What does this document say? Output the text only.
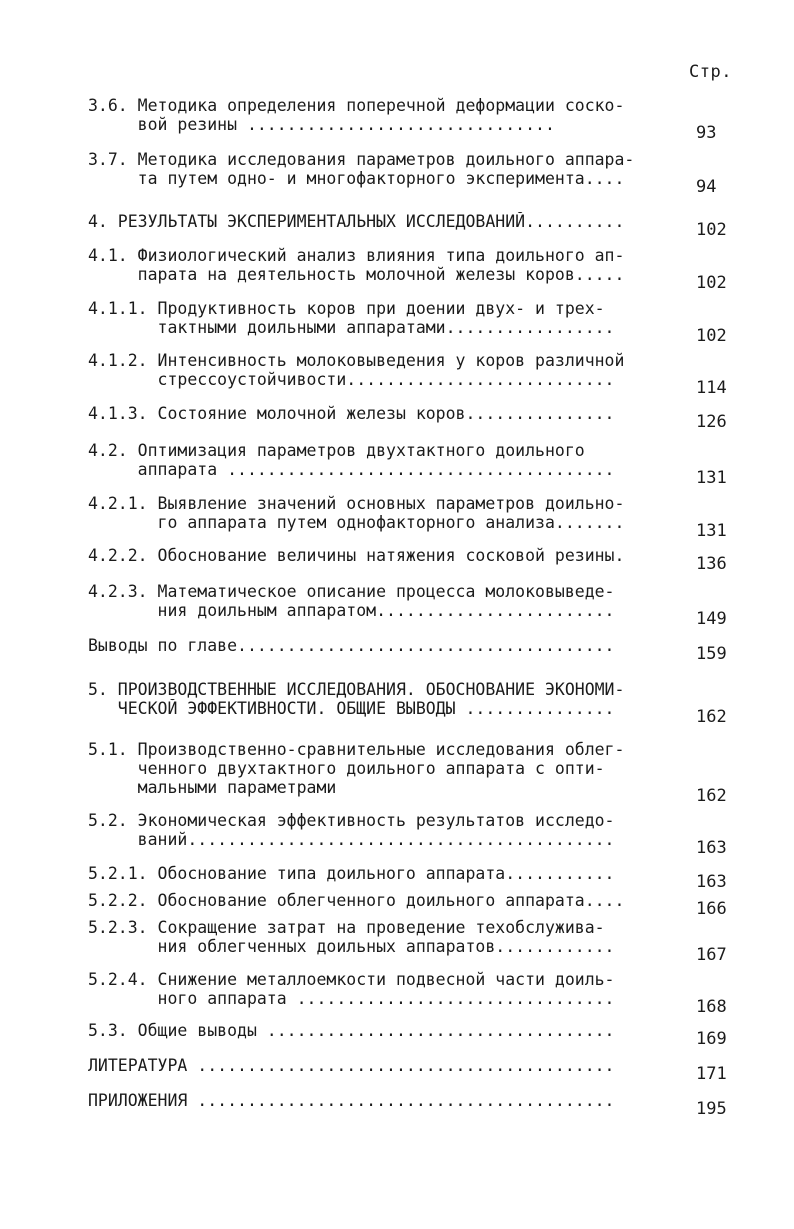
Стр.
3.6. Методика определения поперечной деформации соско-
вой резины ...............................
3.7. Методика исследования параметров доильного аппара-
та путем одно- и многофакторного эксперимента....
4. РЕЗУЛЬТАТЫ ЭКСПЕРИМЕНТАЛЬНЫХ ИССЛЕДОВАНИЙ..........
4.1. Физиологический анализ влияния типа доильного ап-
парата на деятельность молочной железы коров.....
4.1.1. Продуктивность коров при доении двух- и трех-
тактными доильными аппаратами.................
4.1.2. Интенсивность молоковыведения у коров различной
стрессоустойчивости...........................
4.1.3. Состояние молочной железы коров...............
4.2. Оптимизация параметров двухтактного доильного
аппарата .......................................
4.2.1. Выявление значений основных параметров доильно-
го аппарата путем однофакторного анализа.......
4.2.2. Обоснование величины натяжения сосковой резины.
4.2.3. Математическое описание процесса молоковыведе-
ния доильным аппаратом........................
Выводы по главе......................................
5. ПРОИЗВОДСТВЕННЫЕ ИССЛЕДОВАНИЯ. ОБОСНОВАНИЕ ЭКОНОМИ-
ЧЕСКОЙ ЭФФЕКТИВНОСТИ. ОБЩИЕ ВЫВОДЫ ...............
5.1. Производственно-сравнительные исследования облег-
ченного двухтактного доильного аппарата с опти-
мальными параметрами
5.2. Экономическая эффективность результатов исследо-
ваний...........................................
5.2.1. Обоснование типа доильного аппарата...........
5.2.2. Обоснование облегченного доильного аппарата....
5.2.3. Сокращение затрат на проведение техобслужива-
ния облегченных доильных аппаратов............
5.2.4. Снижение металлоемкости подвесной части доиль-
ного аппарата ................................
5.3. Общие выводы ...................................
ЛИТЕРАТУРА ..........................................
ПРИЛОЖЕНИЯ ..........................................
93
94
102
102
102
114
126
131
131
136
149
159
162
162
163
163
166
167
168
169
171
195
